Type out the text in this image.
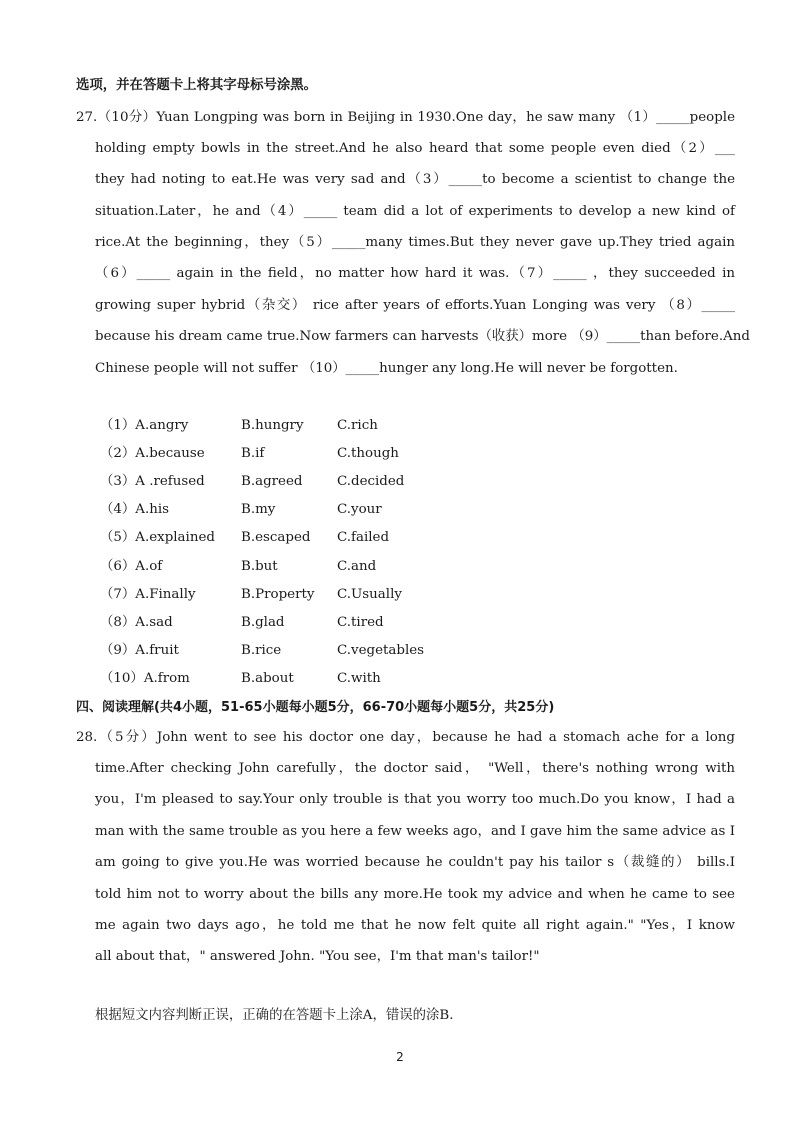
选项，并在答题卡上将其字母标号涂黑。
27.（10分）Yuan Longping was born in Beijing in 1930.One day，he saw many （1）_____people
holding empty bowls in the street.And he also heard that some people even died（2）___
they had noting to eat.He was very sad and（3）_____to become a scientist to change the
situation.Later，he and（4）_____ team did a lot of experiments to develop a new kind of
rice.At the beginning，they（5）_____many times.But they never gave up.They tried again
（6）_____ again in the field，no matter how hard it was.（7）_____ ，they succeeded in
growing super hybrid（杂交） rice after years of efforts.Yuan Longing was very （8）_____
because his dream came true.Now farmers can harvests（收获）more （9）_____than before.And
Chinese people will not suffer （10）_____hunger any long.He will never be forgotten.
（1）A.angry	B.hungry C.rich
（2）A.because	B.if	C.though
（3）A .refused	B.agreed	C.decided
（4）A.his	B.my	C.your
（5）A.explained B.escaped C.failed
（6）A.of	B.but	C.and
（7）A.Finally	B.Property C.Usually
（8）A.sad	B.glad	C.tired
（9）A.fruit	B.rice	C.vegetables
（10）A.from	B.about	C.with
四、阅读理解(共4小题，51-65小题每小题5分，66-70小题每小题5分，共25分)
28.（5分）John went to see his doctor one day，because he had a stomach ache for a long
time.After checking John carefully，the doctor said， "Well，there's nothing wrong with
you，I'm pleased to say.Your only trouble is that you worry too much.Do you know，I had a
man with the same trouble as you here a few weeks ago，and I gave him the same advice as I
am going to give you.He was worried because he couldn't pay his tailor s（裁缝的） bills.I
told him not to worry about the bills any more.He took my advice and when he came to see
me again two days ago，he told me that he now felt quite all right again." "Yes，I know
all about that，" answered John. "You see，I'm that man's tailor!"
根据短文内容判断正误，正确的在答题卡上涂A，错误的涂B.
2
